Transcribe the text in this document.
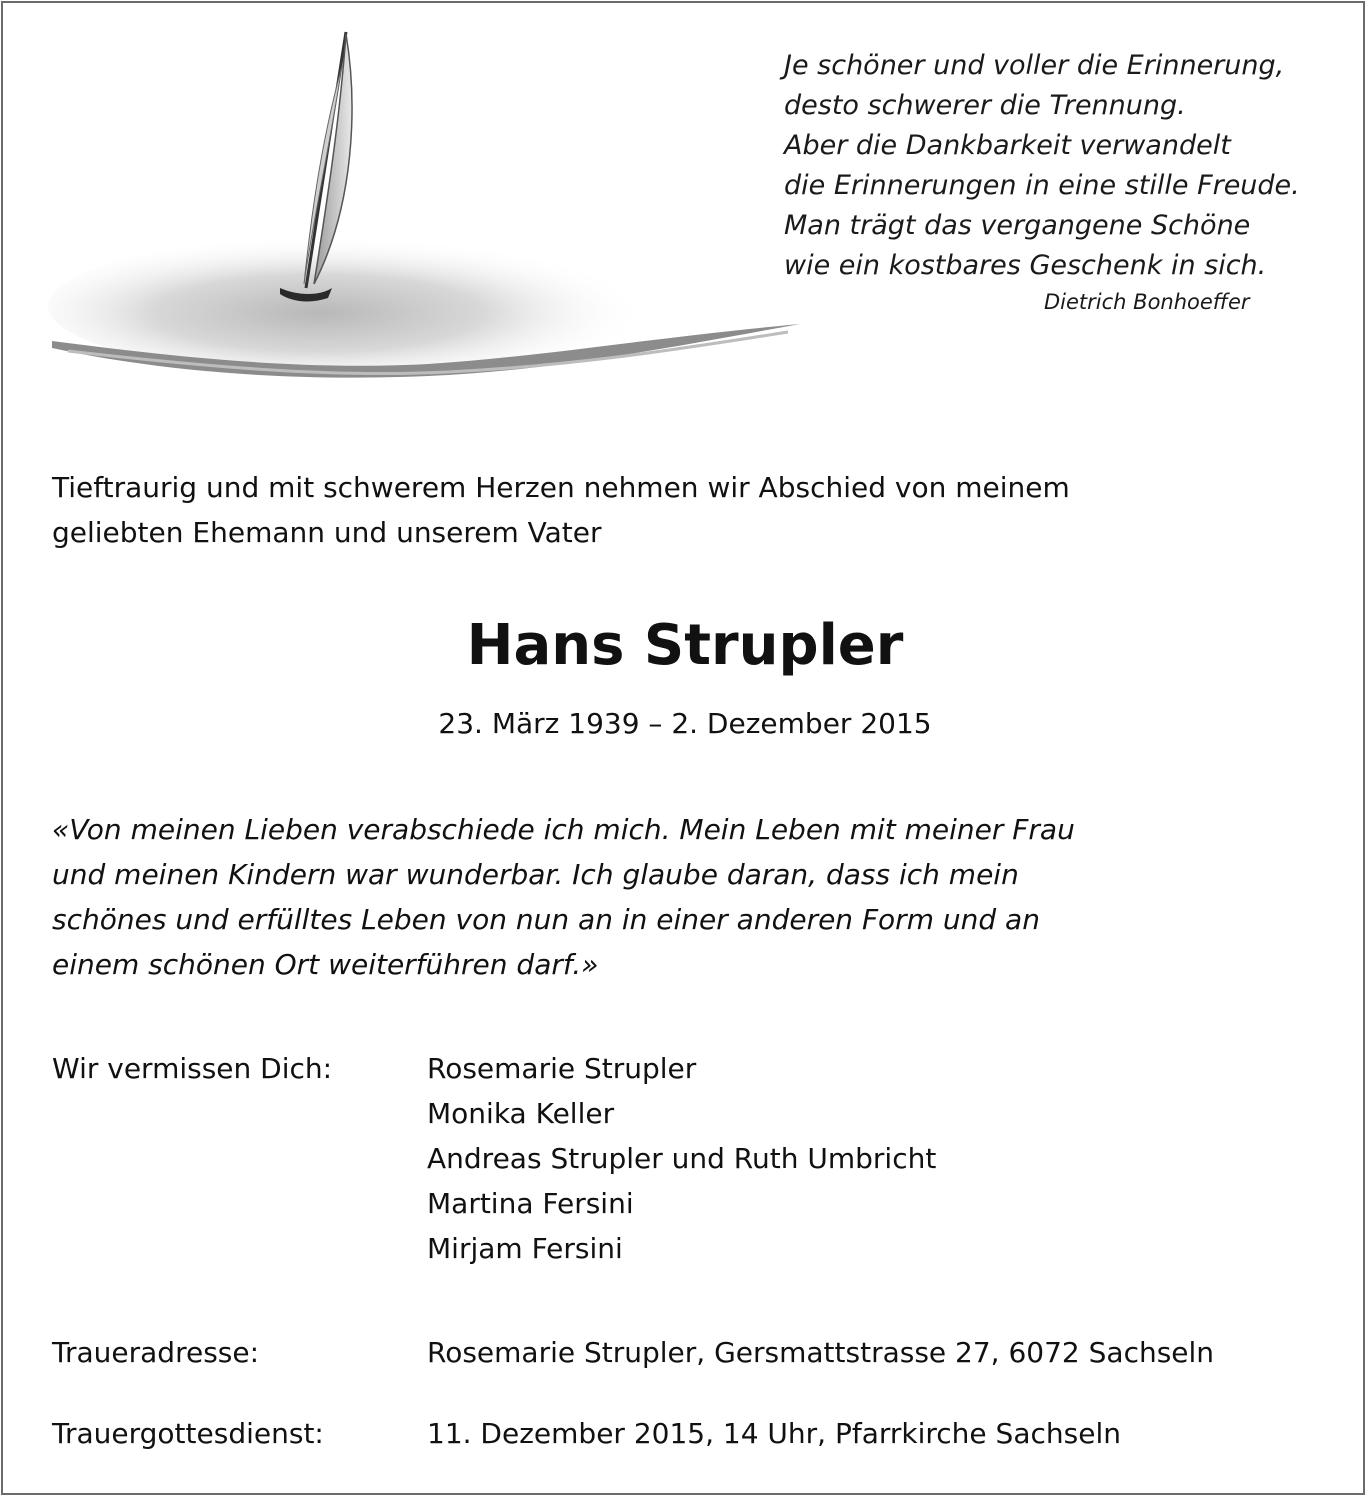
Je schöner und voller die Erinnerung,
desto schwerer die Trennung.
Aber die Dankbarkeit verwandelt
die Erinnerungen in eine stille Freude.
Man trägt das vergangene Schöne
wie ein kostbares Geschenk in sich.
Dietrich Bonhoeffer
Tieftraurig und mit schwerem Herzen nehmen wir Abschied von meinem
geliebten Ehemann und unserem Vater
Hans Strupler
23. März 1939 – 2. Dezember 2015
«Von meinen Lieben verabschiede ich mich. Mein Leben mit meiner Frau
und meinen Kindern war wunderbar. Ich glaube daran, dass ich mein
schönes und erfülltes Leben von nun an in einer anderen Form und an
einem schönen Ort weiterführen darf.»
Wir vermissen Dich:	Rosemarie Strupler
Monika Keller
Andreas Strupler und Ruth Umbricht
Martina Fersini
Mirjam Fersini
Traueradresse:	Rosemarie Strupler, Gersmattstrasse 27, 6072 Sachseln
Trauergottesdienst:	11. Dezember 2015, 14 Uhr, Pfarrkirche Sachseln
